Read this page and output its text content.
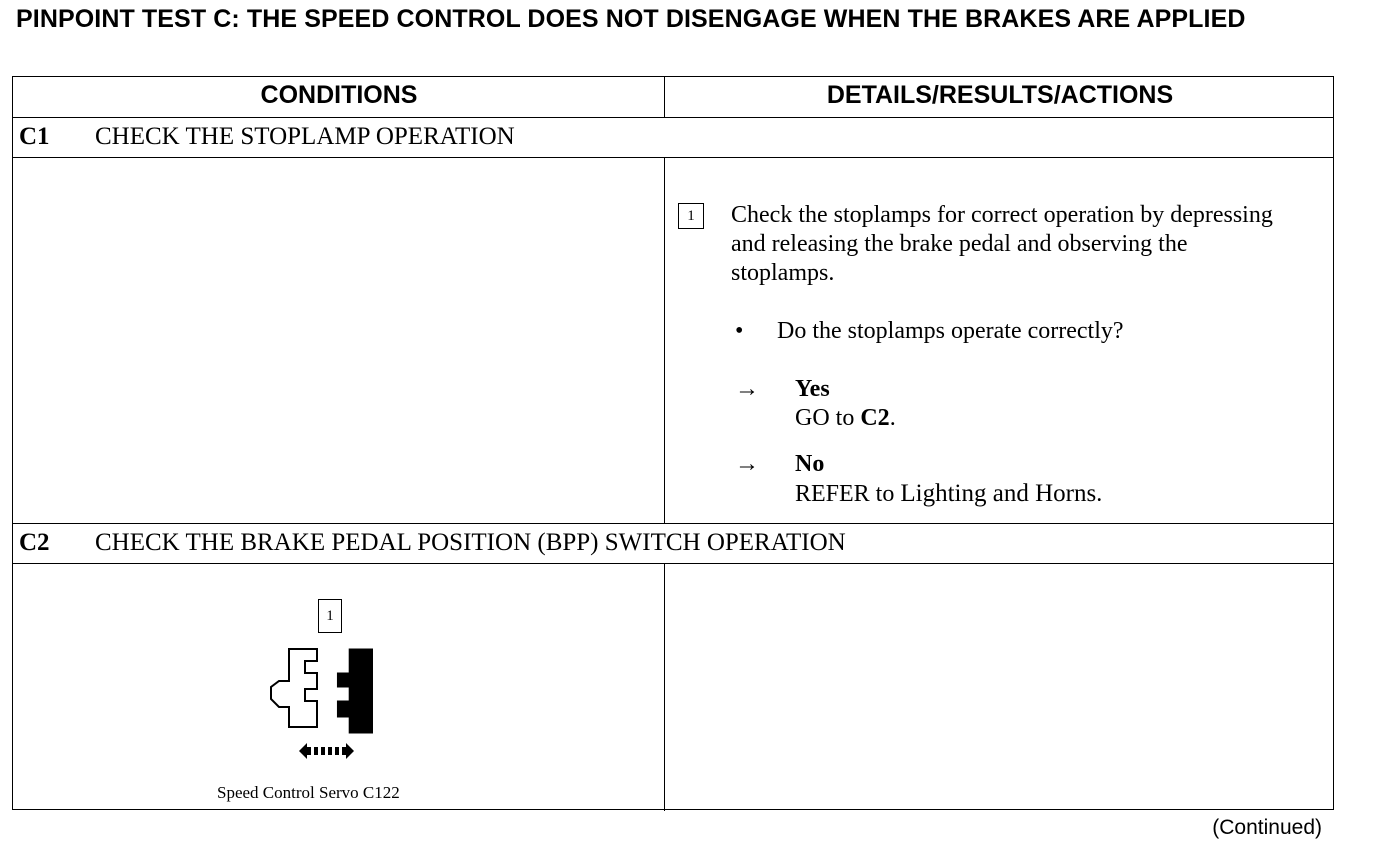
PINPOINT TEST C: THE SPEED CONTROL DOES NOT DISENGAGE WHEN THE BRAKES ARE APPLIED
CONDITIONS	DETAILS/RESULTS/ACTIONS
C1 CHECK THE STOPLAMP OPERATION
1	Check the stoplamps for correct operation by depressing and releasing the brake pedal and observing the stoplamps.
• Do the stoplamps operate correctly?
→ Yes
GO to C2.
→ No
REFER to Lighting and Horns.
C2 CHECK THE BRAKE PEDAL POSITION (BPP) SWITCH OPERATION
1
Speed Control Servo C122
(Continued)
